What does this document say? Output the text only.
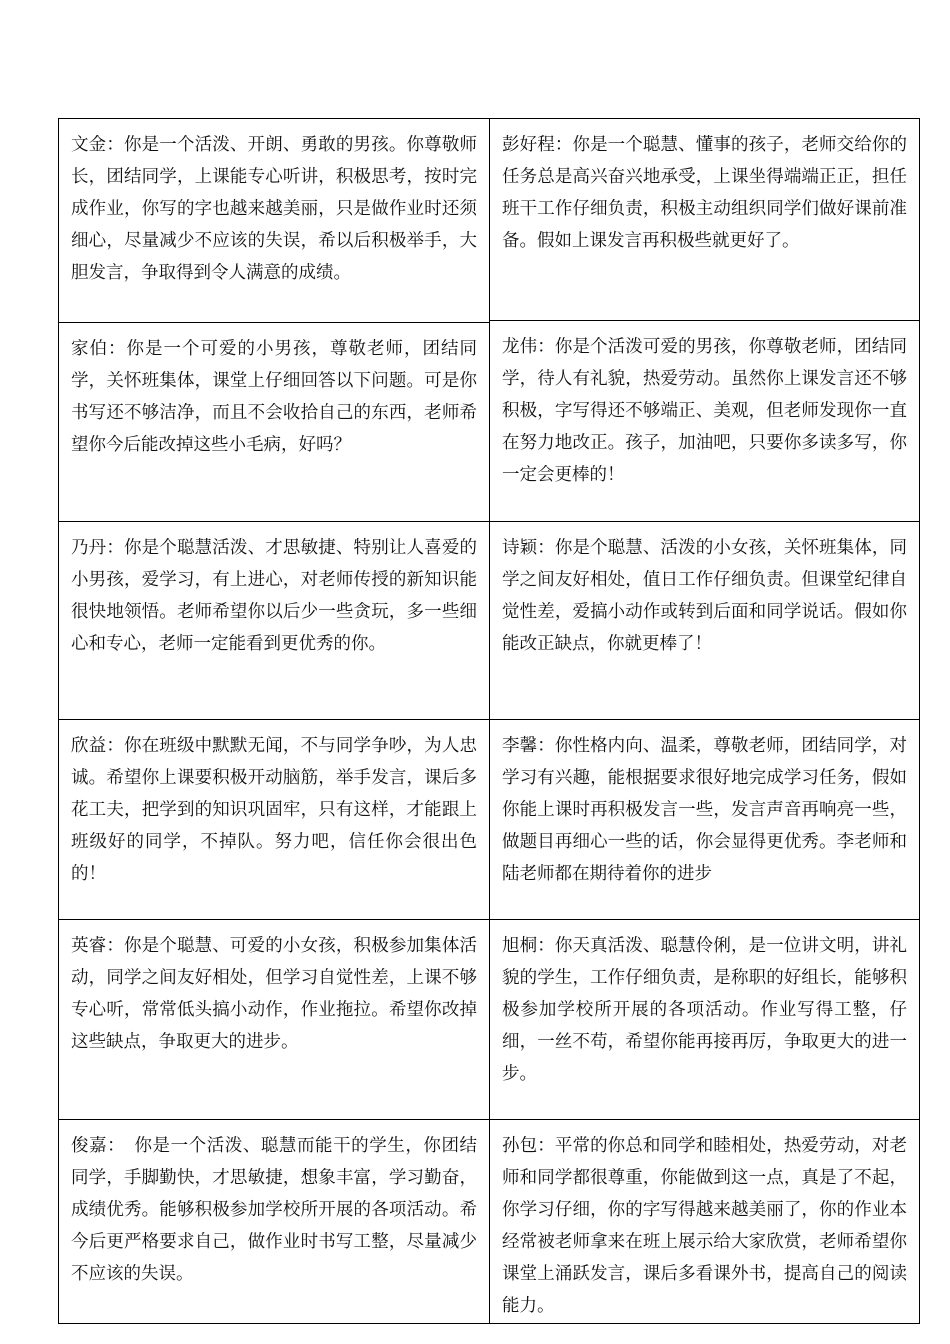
文金：你是一个活泼、开朗、勇敢的男孩。你尊敬师长，团结同学，上课能专心听讲，积极思考，按时完成作业，你写的字也越来越美丽，只是做作业时还须细心，尽量减少不应该的失误，希以后积极举手，大胆发言，争取得到令人满意的成绩。
彭好程：你是一个聪慧、懂事的孩子，老师交给你的任务总是高兴奋兴地承受，上课坐得端端正正，担任班干工作仔细负责，积极主动组织同学们做好课前准备。假如上课发言再积极些就更好了。
家伯：你是一个可爱的小男孩，尊敬老师，团结同学，关怀班集体，课堂上仔细回答以下问题。可是你书写还不够洁净，而且不会收拾自己的东西，老师希望你今后能改掉这些小毛病，好吗？
龙伟：你是个活泼可爱的男孩，你尊敬老师，团结同学，待人有礼貌，热爱劳动。虽然你上课发言还不够积极，字写得还不够端正、美观，但老师发现你一直在努力地改正。孩子，加油吧，只要你多读多写，你一定会更棒的！
乃丹：你是个聪慧活泼、才思敏捷、特别让人喜爱的小男孩，爱学习，有上进心，对老师传授的新知识能很快地领悟。老师希望你以后少一些贪玩，多一些细心和专心，老师一定能看到更优秀的你。
诗颖：你是个聪慧、活泼的小女孩，关怀班集体，同学之间友好相处，值日工作仔细负责。但课堂纪律自觉性差，爱搞小动作或转到后面和同学说话。假如你能改正缺点，你就更棒了！
欣益：你在班级中默默无闻，不与同学争吵，为人忠诚。希望你上课要积极开动脑筋，举手发言，课后多花工夫，把学到的知识巩固牢，只有这样，才能跟上班级好的同学，不掉队。努力吧，信任你会很出色的！
李馨：你性格内向、温柔，尊敬老师，团结同学，对学习有兴趣，能根据要求很好地完成学习任务，假如你能上课时再积极发言一些，发言声音再响亮一些，做题目再细心一些的话，你会显得更优秀。李老师和陆老师都在期待着你的进步
英睿：你是个聪慧、可爱的小女孩，积极参加集体活动，同学之间友好相处，但学习自觉性差，上课不够专心听，常常低头搞小动作，作业拖拉。希望你改掉这些缺点，争取更大的进步。
旭桐：你天真活泼、聪慧伶俐，是一位讲文明，讲礼貌的学生，工作仔细负责，是称职的好组长，能够积极参加学校所开展的各项活动。作业写得工整，仔细，一丝不苟，希望你能再接再厉，争取更大的进一步。
俊嘉：　你是一个活泼、聪慧而能干的学生，你团结同学，手脚勤快，才思敏捷，想象丰富，学习勤奋，成绩优秀。能够积极参加学校所开展的各项活动。希今后更严格要求自己，做作业时书写工整，尽量减少不应该的失误。
孙包：平常的你总和同学和睦相处，热爱劳动，对老师和同学都很尊重，你能做到这一点，真是了不起，你学习仔细，你的字写得越来越美丽了，你的作业本经常被老师拿来在班上展示给大家欣赏，老师希望你课堂上涌跃发言，课后多看课外书，提高自己的阅读能力。
